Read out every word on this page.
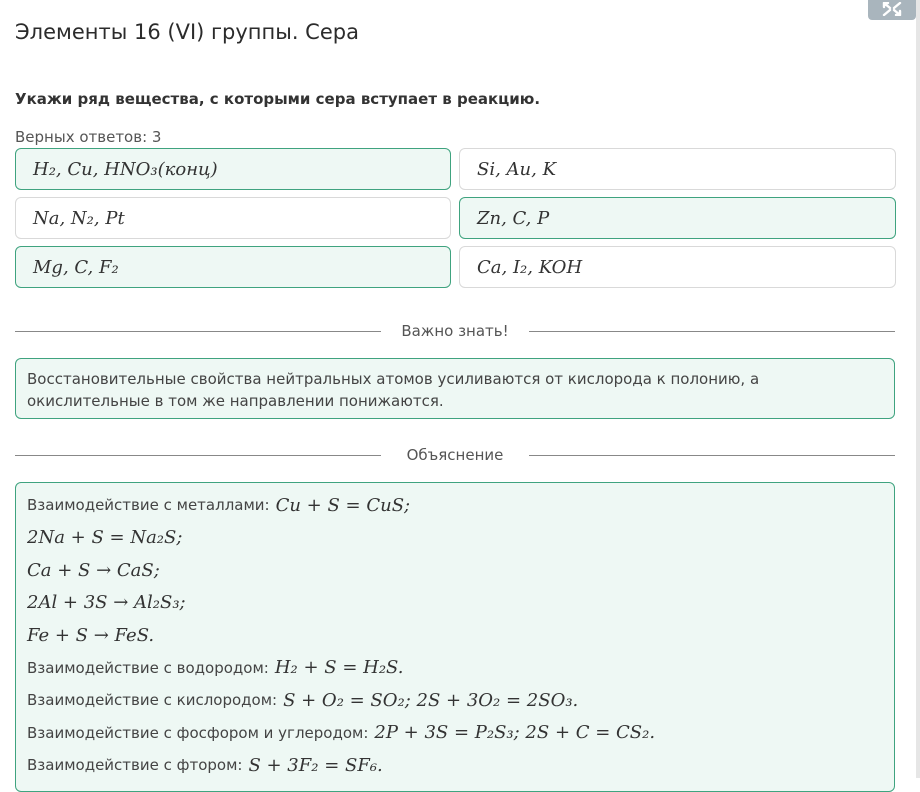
Элементы 16 (VI) группы. Сера

Укажи ряд вещества, с которыми сера вступает в реакцию.

Верных ответов: 3
H₂, Cu, HNO₃(конц)	Si, Au, K
Na, N₂, Pt	Zn, C, P
Mg, C, F₂	Ca, I₂, KOH
Важно знать!
Восстановительные свойства нейтральных атомов усиливаются от кислорода к полонию, а окислительные в том же направлении понижаются.
Объяснение
Взаимодействие с металлами: Cu + S = CuS;
2Na + S = Na₂S;
Ca + S → CaS;
2Al + 3S → Al₂S₃;
Fe + S → FeS.
Взаимодействие с водородом: H₂ + S = H₂S.
Взаимодействие с кислородом: S + O₂ = SO₂; 2S + 3O₂ = 2SO₃.
Взаимодействие с фосфором и углеродом: 2P + 3S = P₂S₃; 2S + C = CS₂.
Взаимодействие с фтором: S + 3F₂ = SF₆.
